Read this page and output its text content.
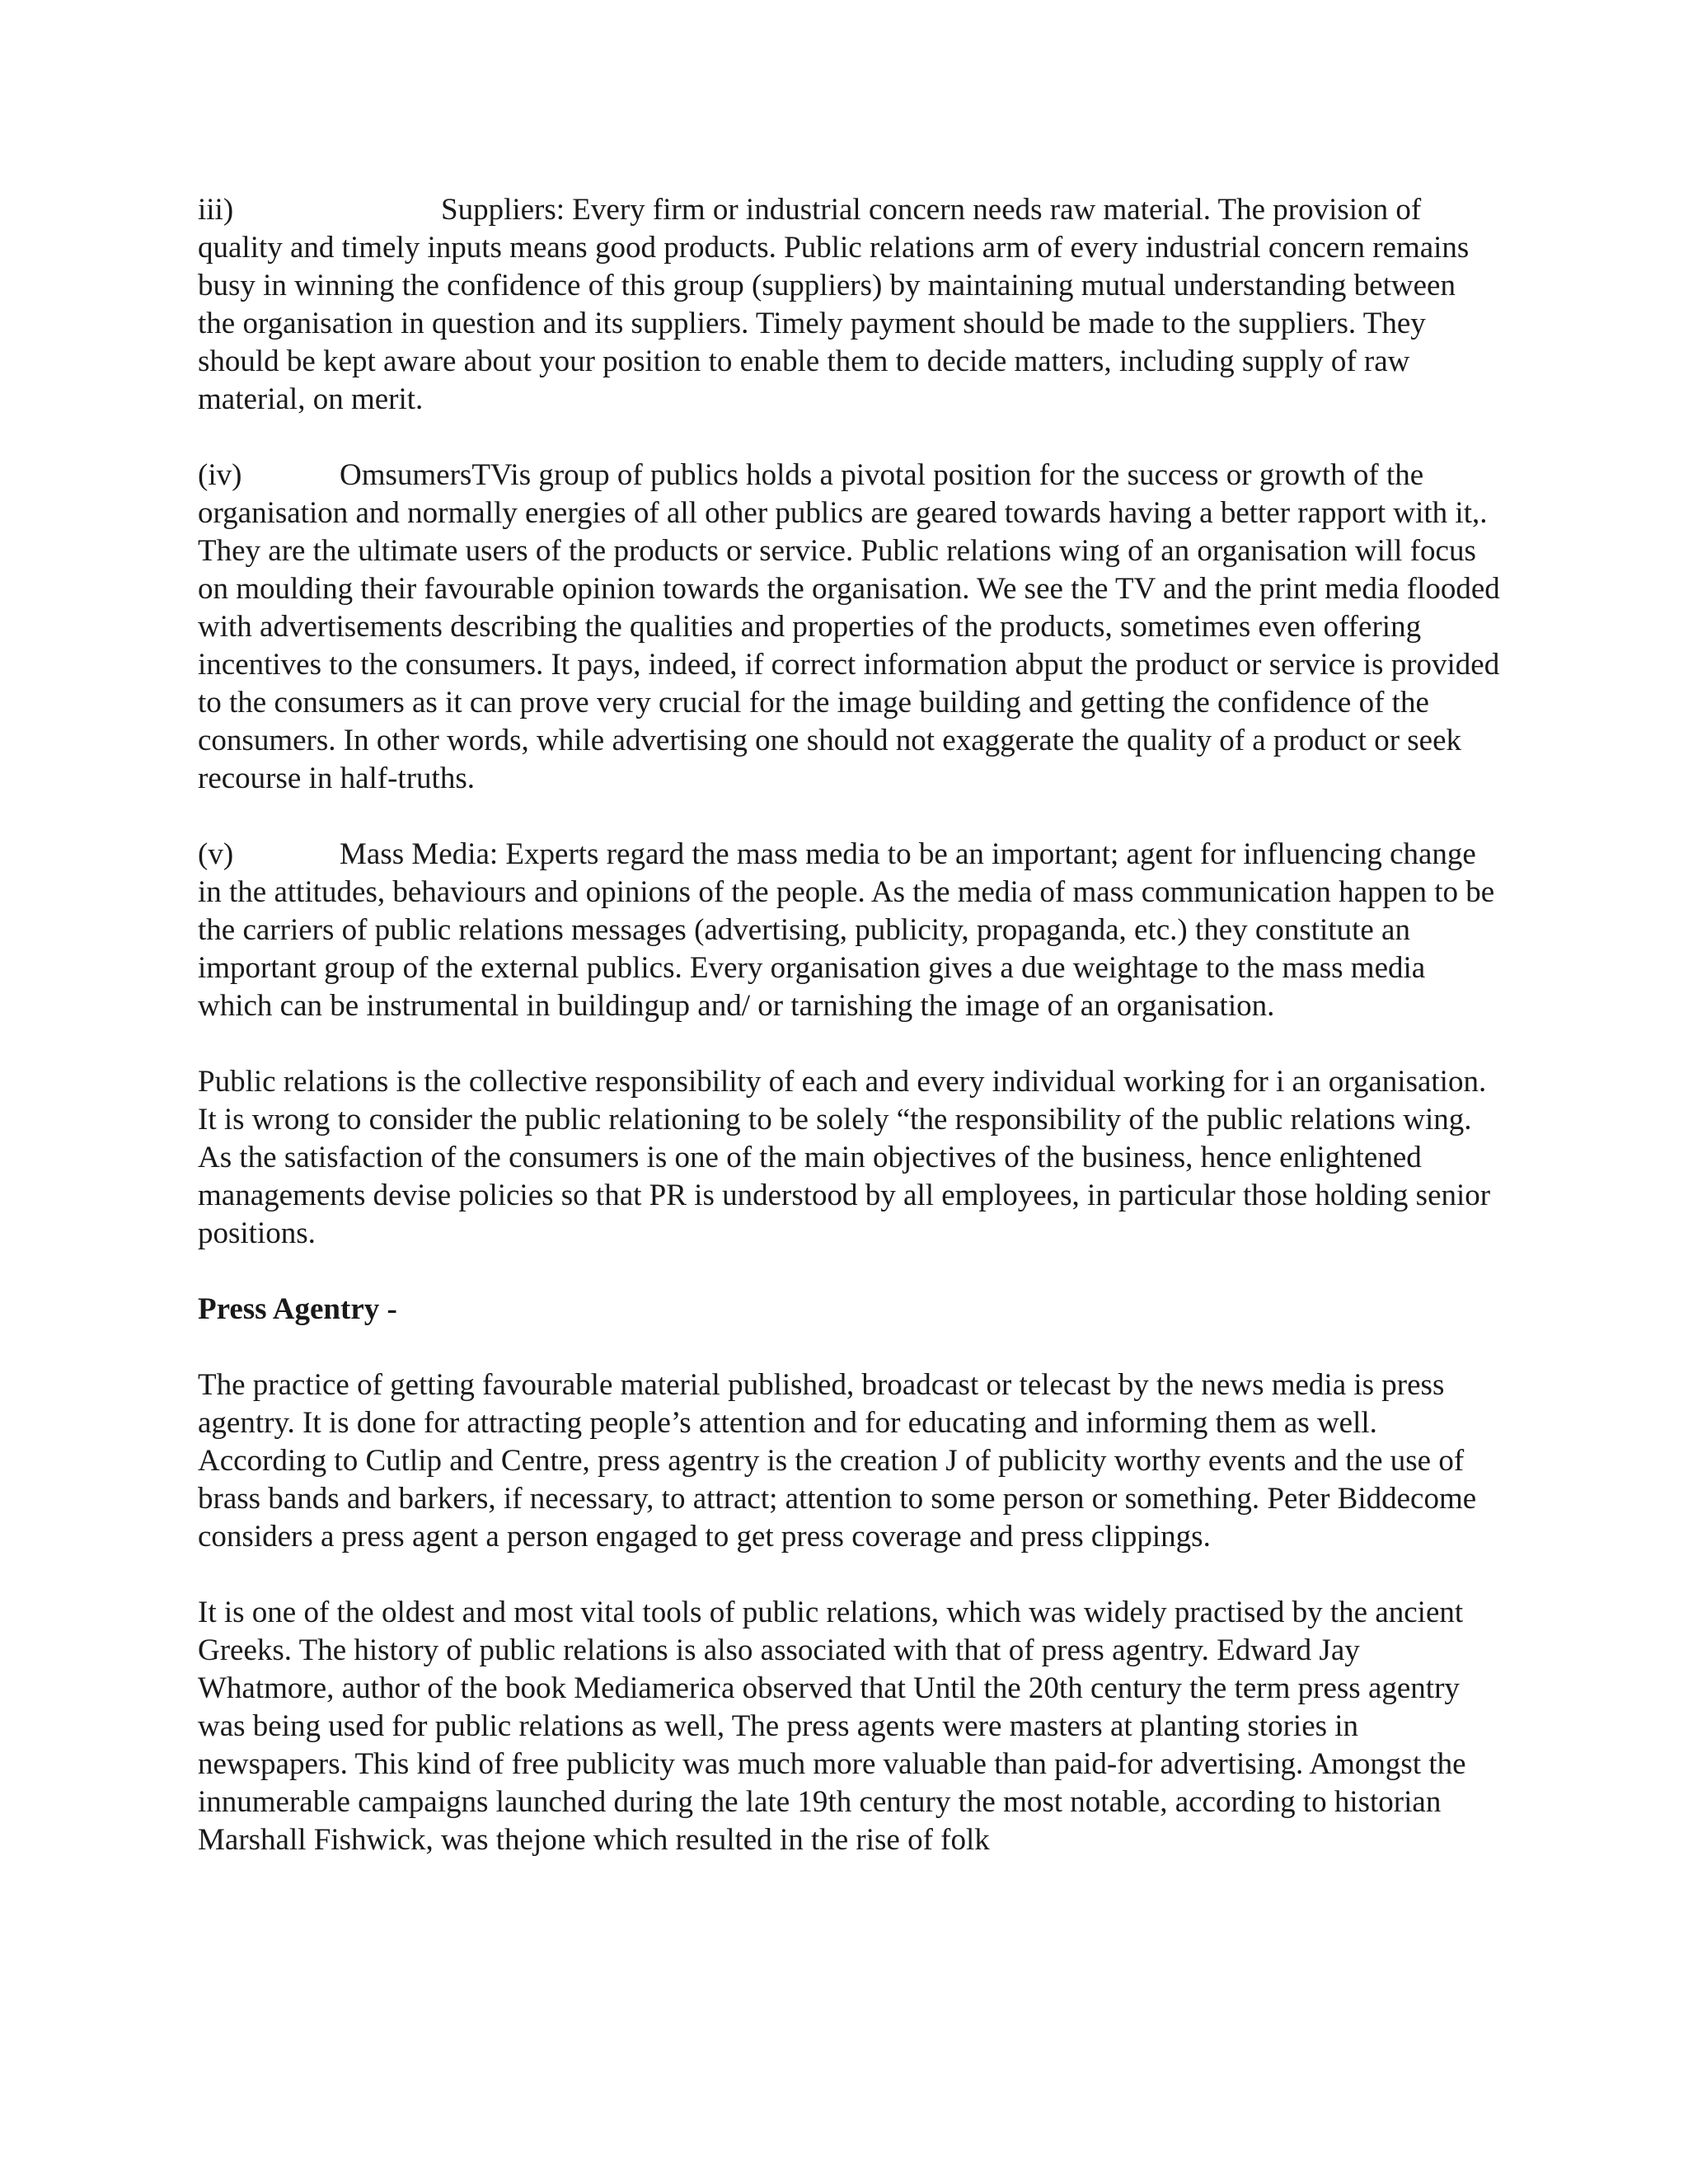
iii)	Suppliers: Every firm or industrial concern needs raw material. The provision of quality and timely inputs means good products. Public relations arm of every industrial concern remains busy in winning the confidence of this group (suppliers) by maintaining mutual understanding between the organisation in question and its suppliers. Timely payment should be made to the suppliers. They should be kept aware about your position to enable them to decide matters, including supply of raw material, on merit.

(iv)	OmsumersTVis group of publics holds a pivotal position for the success or growth of the organisation and normally energies of all other publics are geared towards having a better rapport with it,. They are the ultimate users of the products or service. Public relations wing of an organisation will focus on moulding their favourable opinion towards the organisation. We see the TV and the print media flooded with advertisements describing the qualities and properties of the products, sometimes even offering incentives to the consumers. It pays, indeed, if correct information abput the product or service is provided to the consumers as it can prove very crucial for the image building and getting the confidence of the consumers. In other words, while advertising one should not exaggerate the quality of a product or seek recourse in half-truths.

(v)	Mass Media: Experts regard the mass media to be an important; agent for influencing change in the attitudes, behaviours and opinions of the people. As the media of mass communication happen to be the carriers of public relations messages (advertising, publicity, propaganda, etc.) they constitute an important group of the external publics. Every organisation gives a due weightage to the mass media which can be instrumental in buildingup and/ or tarnishing the image of an organisation.

Public relations is the collective responsibility of each and every individual working for i an organisation. It is wrong to consider the public relationing to be solely “the responsibility of the public relations wing. As the satisfaction of the consumers is one of the main objectives of the business, hence enlightened managements devise policies so that PR is understood by all employees, in particular those holding senior positions.

Press Agentry -

The practice of getting favourable material published, broadcast or telecast by the news media is press agentry. It is done for attracting people’s attention and for educating and informing them as well. According to Cutlip and Centre, press agentry is the creation J of publicity worthy events and the use of brass bands and barkers, if necessary, to attract; attention to some person or something. Peter Biddecome considers a press agent a person engaged to get press coverage and press clippings.

It is one of the oldest and most vital tools of public relations, which was widely practised by the ancient Greeks. The history of public relations is also associated with that of press agentry. Edward Jay Whatmore, author of the book Mediamerica observed that Until the 20th century the term press agentry was being used for public relations as well, The press agents were masters at planting stories in newspapers. This kind of free publicity was much more valuable than paid-for advertising. Amongst the innumerable campaigns launched during the late 19th century the most notable, according to historian Marshall Fishwick, was thejone which resulted in the rise of folk
